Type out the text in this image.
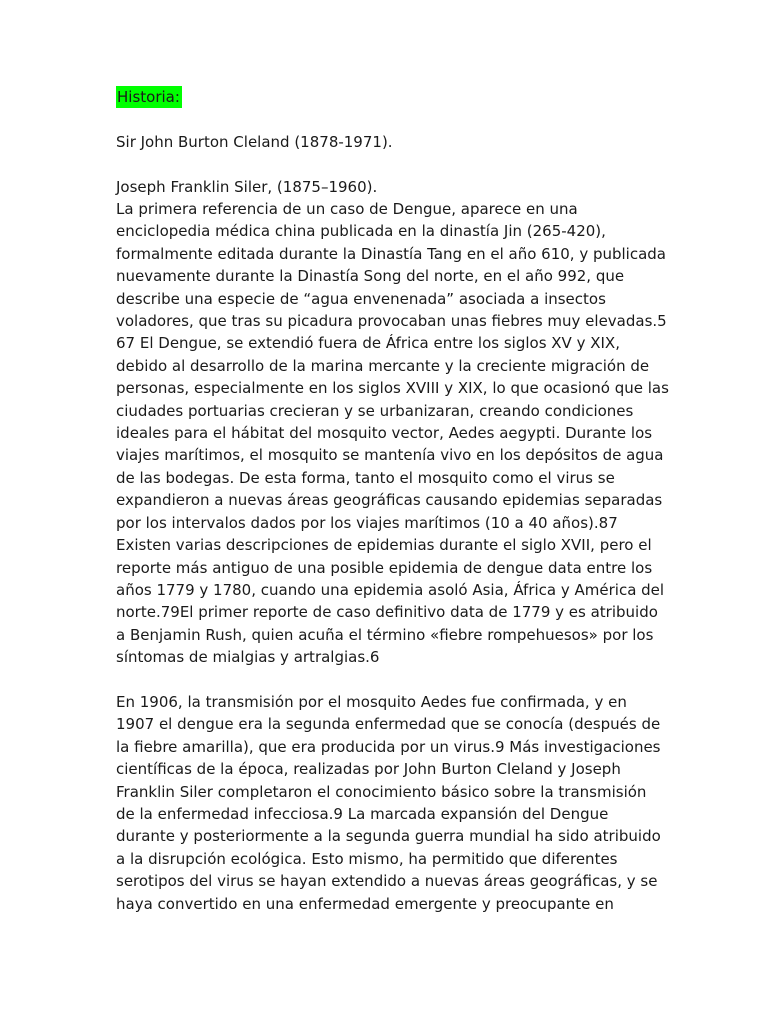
Historia:
Sir John Burton Cleland (1878-1971).
Joseph Franklin Siler, (1875–1960).
La primera referencia de un caso de Dengue, aparece en una
enciclopedia médica china publicada en la dinastía Jin (265-420),
formalmente editada durante la Dinastía Tang en el año 610, y publicada
nuevamente durante la Dinastía Song del norte, en el año 992, que
describe una especie de “agua envenenada” asociada a insectos
voladores, que tras su picadura provocaban unas fiebres muy elevadas.5
67 El Dengue, se extendió fuera de África entre los siglos XV y XIX,
debido al desarrollo de la marina mercante y la creciente migración de
personas, especialmente en los siglos XVIII y XIX, lo que ocasionó que las
ciudades portuarias crecieran y se urbanizaran, creando condiciones
ideales para el hábitat del mosquito vector, Aedes aegypti. Durante los
viajes marítimos, el mosquito se mantenía vivo en los depósitos de agua
de las bodegas. De esta forma, tanto el mosquito como el virus se
expandieron a nuevas áreas geográficas causando epidemias separadas
por los intervalos dados por los viajes marítimos (10 a 40 años).87
Existen varias descripciones de epidemias durante el siglo XVII, pero el
reporte más antiguo de una posible epidemia de dengue data entre los
años 1779 y 1780, cuando una epidemia asoló Asia, África y América del
norte.79El primer reporte de caso definitivo data de 1779 y es atribuido
a Benjamin Rush, quien acuña el término «fiebre rompehuesos» por los
síntomas de mialgias y artralgias.6
En 1906, la transmisión por el mosquito Aedes fue confirmada, y en
1907 el dengue era la segunda enfermedad que se conocía (después de
la fiebre amarilla), que era producida por un virus.9 Más investigaciones
científicas de la época, realizadas por John Burton Cleland y Joseph
Franklin Siler completaron el conocimiento básico sobre la transmisión
de la enfermedad infecciosa.9 La marcada expansión del Dengue
durante y posteriormente a la segunda guerra mundial ha sido atribuido
a la disrupción ecológica. Esto mismo, ha permitido que diferentes
serotipos del virus se hayan extendido a nuevas áreas geográficas, y se
haya convertido en una enfermedad emergente y preocupante en
